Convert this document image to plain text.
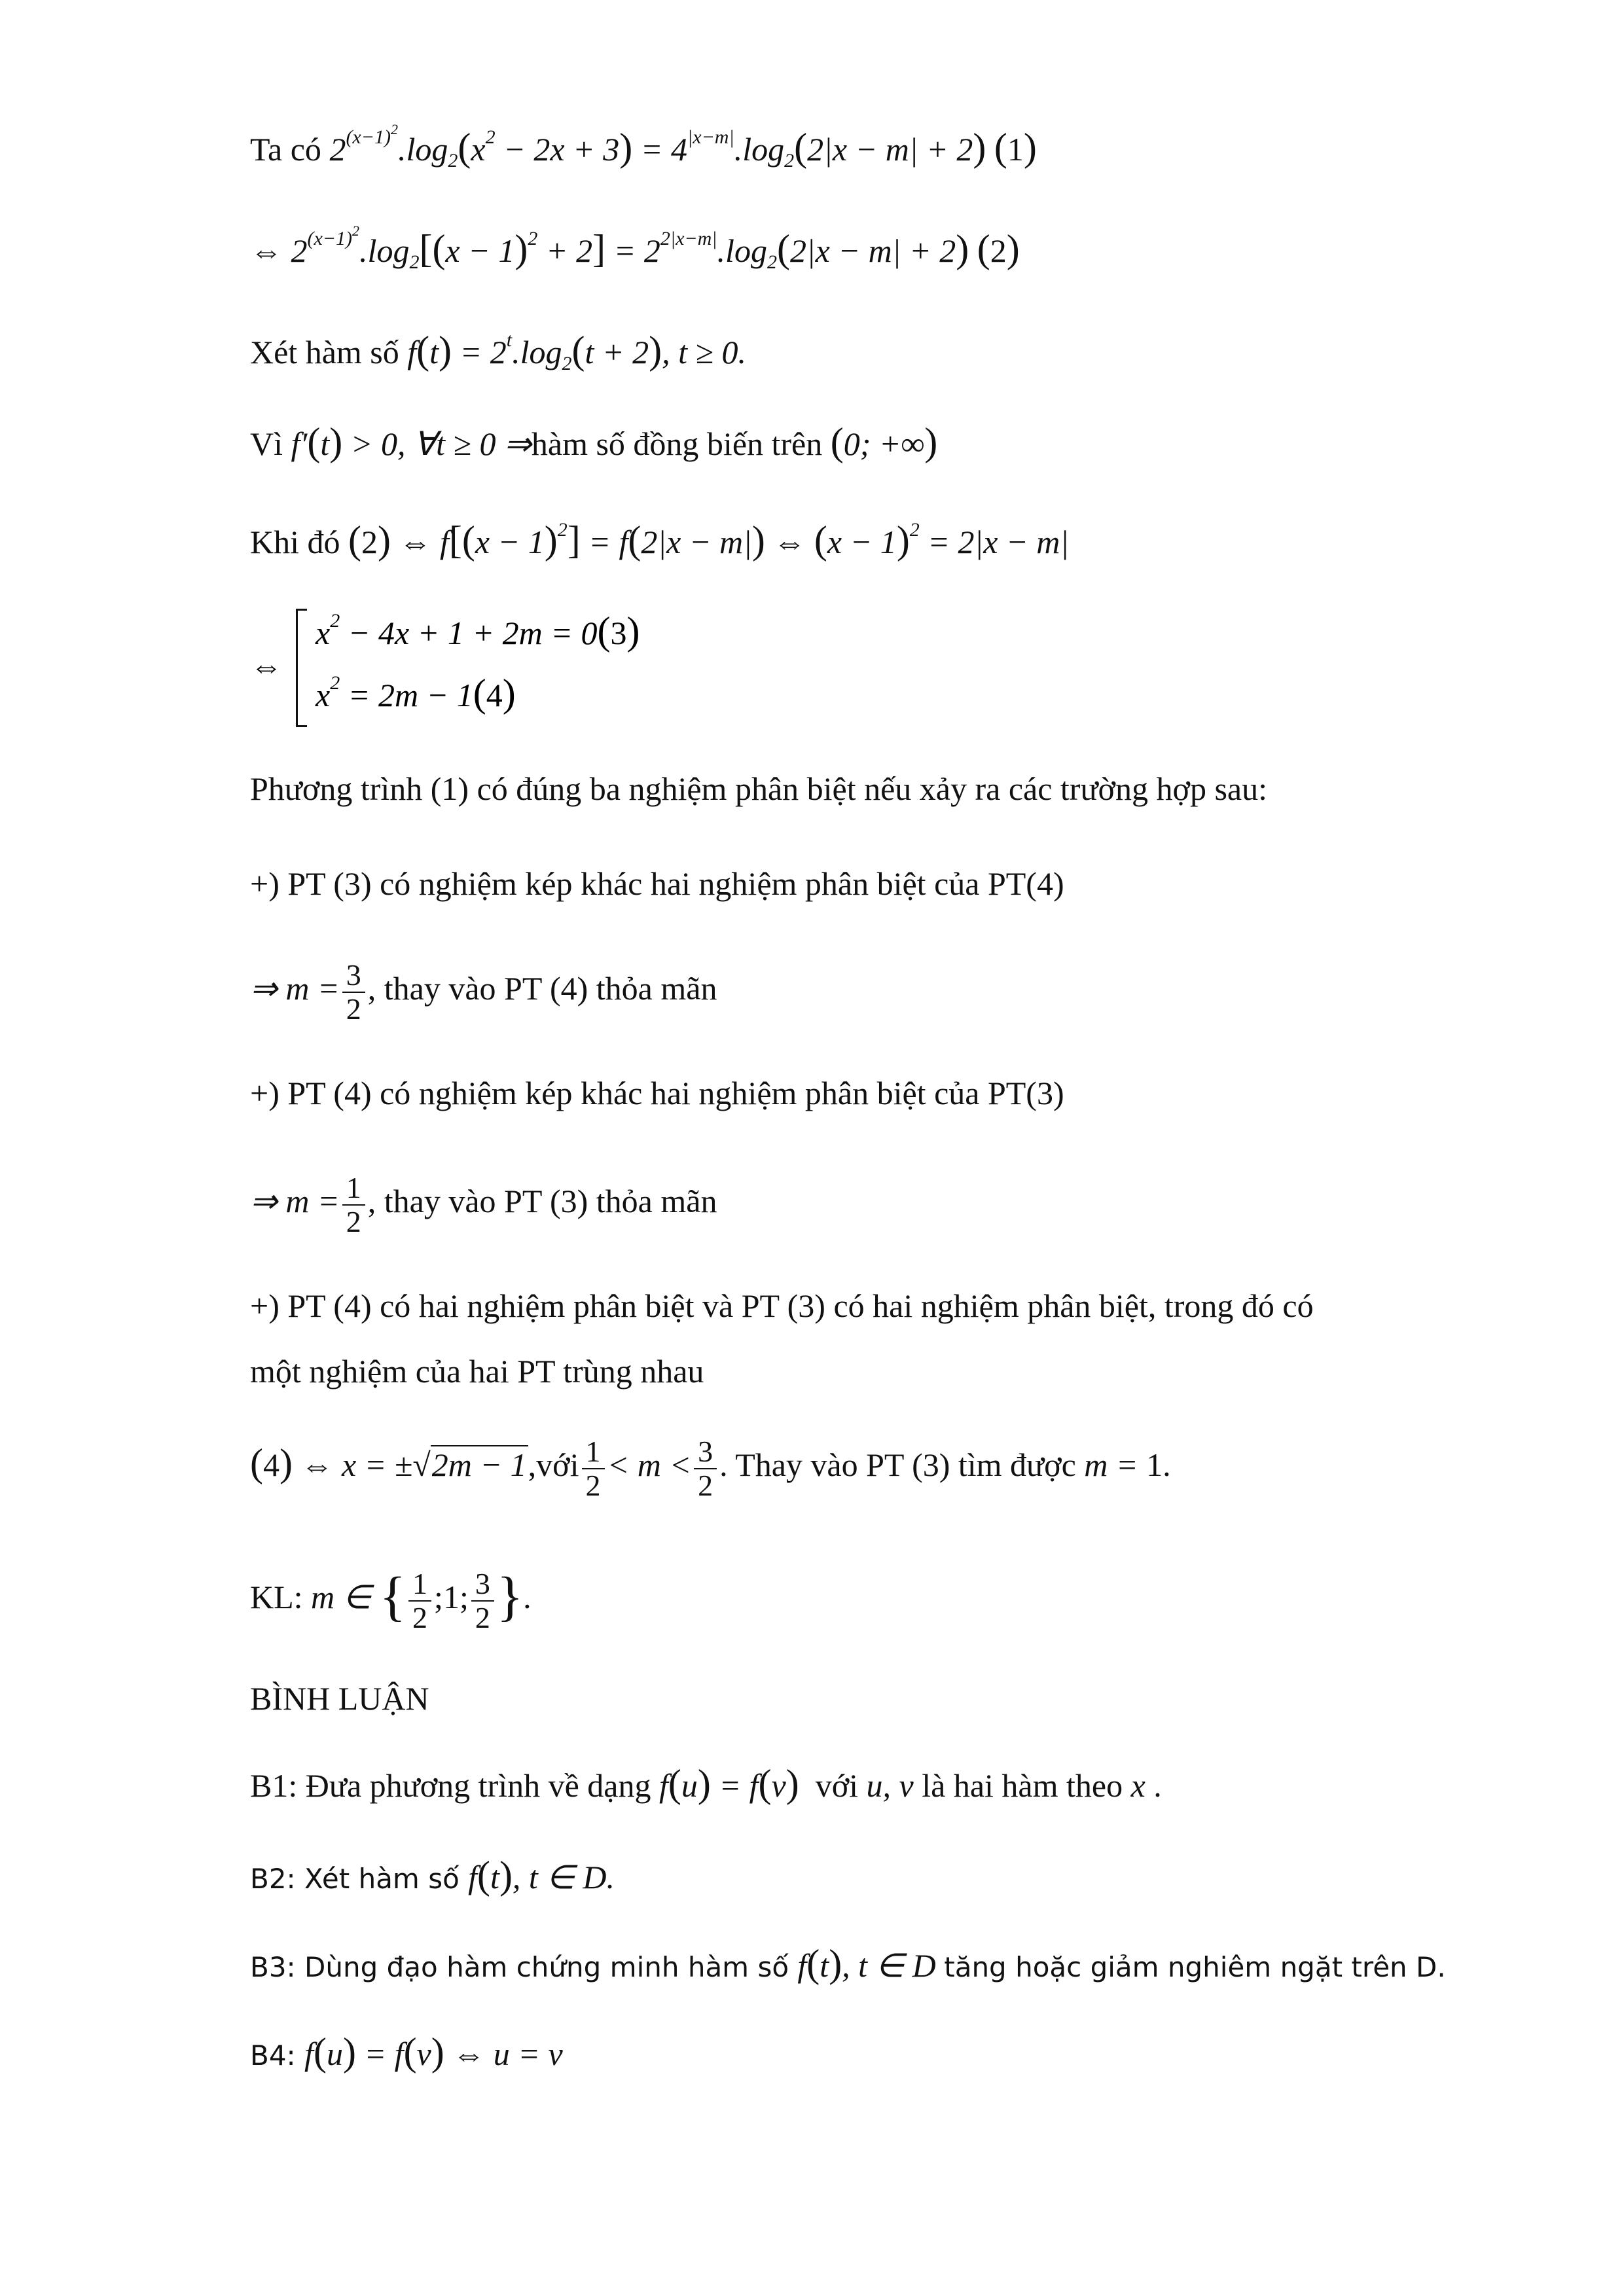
Ta có $2^{(x-1)^2}.\log_2(x^2 - 2x + 3) = 4^{|x-m|}.\log_2(2|x - m| + 2)$ (1)
⇔ $2^{(x-1)^2}.\log_2[(x - 1)^2 + 2] = 2^{2|x-m|}.\log_2(2|x - m| + 2)$ (2)
Xét hàm số $f(t) = 2^t.\log_2(t + 2)$, t ≥ 0.
Vì f′(t) > 0, ∀t ≥ 0 ⇒hàm số đồng biến trên (0; +∞)
Khi đó (2) ⇔ $f[(x - 1)^2] = f(2|x - m|)$ ⇔ $(x - 1)^2 = 2|x - m|$
⇔
$x^2 - 4x + 1 + 2m = 0(3)$
$x^2 = 2m - 1(4)$
Phương trình (1) có đúng ba nghiệm phân biệt nếu xảy ra các trường hợp sau:
+) PT (3) có nghiệm kép khác hai nghiệm phân biệt của PT(4)
⇒ $m = \frac{3}{2}$ , thay vào PT (4) thỏa mãn
+) PT (4) có nghiệm kép khác hai nghiệm phân biệt của PT(3)
⇒ $m = \frac{1}{2}$ , thay vào PT (3) thỏa mãn
+) PT (4) có hai nghiệm phân biệt và PT (3) có hai nghiệm phân biệt, trong đó có
một nghiệm của hai PT trùng nhau
(4) ⇔ x = ±√2m − 1,với $\frac{1}{2} < m < \frac{3}{2}$ . Thay vào PT (3) tìm được m = 1.
KL: m ∈ { $\frac{1}{2}$ ;1; $\frac{3}{2}$ }.
BÌNH LUẬN
B1: Đưa phương trình về dạng f(u) = f(v) với u, v là hai hàm theo x .
B2: Xét hàm số f(t), t ∈ D.
B3: Dùng đạo hàm chứng minh hàm số f(t), t ∈ D tăng hoặc giảm nghiêm ngặt trên D.
B4: f(u) = f(v) ⇔ u = v
